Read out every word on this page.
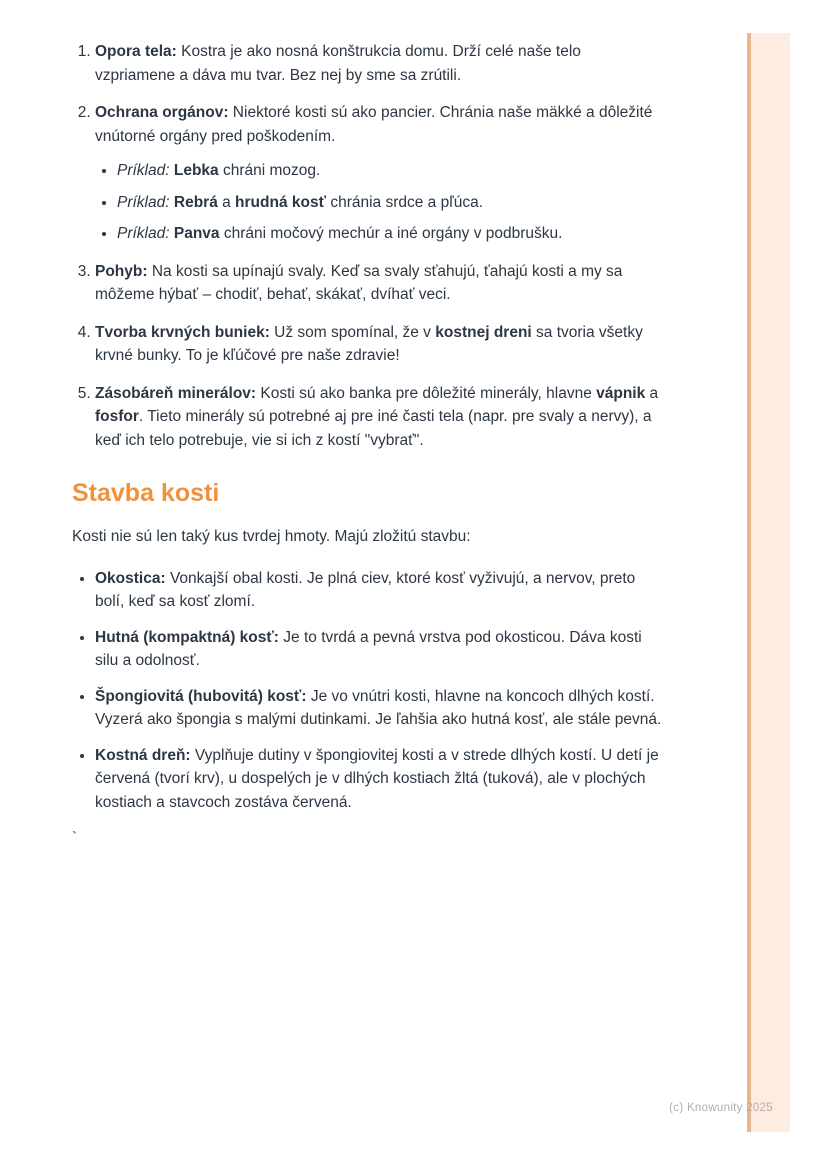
1. Opora tela: Kostra je ako nosná konštrukcia domu. Drží celé naše telo vzpriamene a dáva mu tvar. Bez nej by sme sa zrútili.
2. Ochrana orgánov: Niektoré kosti sú ako pancier. Chránia naše mäkké a dôležité vnútorné orgány pred poškodením.
• Príklad: Lebka chráni mozog.
• Príklad: Rebrá a hrudná kosť chránia srdce a pľúca.
• Príklad: Panva chráni močový mechúr a iné orgány v podbrušku.
3. Pohyb: Na kosti sa upínajú svaly. Keď sa svaly sťahujú, ťahajú kosti a my sa môžeme hýbať – chodiť, behať, skákať, dvíhať veci.
4. Tvorba krvných buniek: Už som spomínal, že v kostnej dreni sa tvoria všetky krvné bunky. To je kľúčové pre naše zdravie!
5. Zásobáreň minerálov: Kosti sú ako banka pre dôležité minerály, hlavne vápnik a fosfor. Tieto minerály sú potrebné aj pre iné časti tela (napr. pre svaly a nervy), a keď ich telo potrebuje, vie si ich z kostí "vybrať".
Stavba kosti

Kosti nie sú len taký kus tvrdej hmoty. Majú zložitú stavbu:

• Okostica: Vonkajší obal kosti. Je plná ciev, ktoré kosť vyživujú, a nervov, preto bolí, keď sa kosť zlomí.
• Hutná (kompaktná) kosť: Je to tvrdá a pevná vrstva pod okosticou. Dáva kosti silu a odolnosť.
• Špongiovitá (hubovitá) kosť: Je vo vnútri kosti, hlavne na koncoch dlhých kostí. Vyzerá ako špongia s malými dutinkami. Je ľahšia ako hutná kosť, ale stále pevná.
• Kostná dreň: Vyplňuje dutiny v špongiovitej kosti a v strede dlhých kostí. U detí je červená (tvorí krv), u dospelých je v dlhých kostiach žltá (tuková), ale v plochých kostiach a stavcoch zostáva červená.
`
(c) Knowunity 2025
